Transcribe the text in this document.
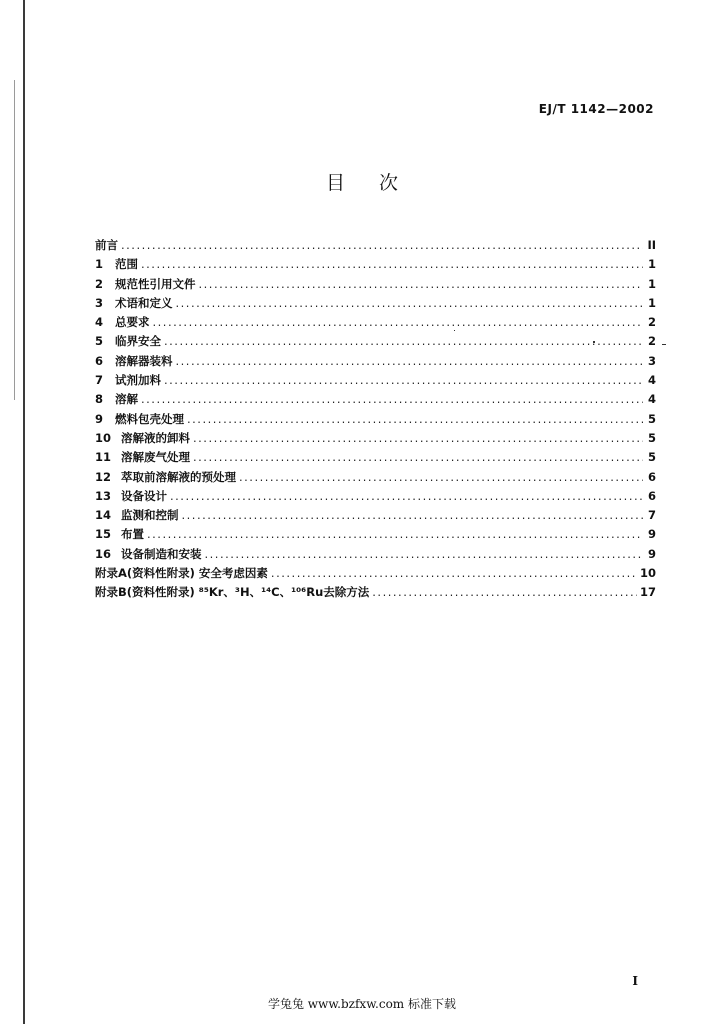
EJ/T 1142—2002
目次
前言 .....	II
1	范围 .....	1
2	规范性引用文件 .....	1
3	术语和定义 .....	1
4	总要求 .....	2
5	临界安全 .....	2
6	溶解器装料 .....	3
7	试剂加料 .....	4
8	溶解 .....	4
9	燃料包壳处理 .....	5
10 溶解液的卸料 .....	5
11 溶解废气处理 .....	5
12 萃取前溶解液的预处理 .....	6
13 设备设计 .....	6
14 监测和控制 .....	7
15 布置 .....	9
16 设备制造和安装 .....	9
附录A(资料性附录) 安全考虑因素 .....	10
附录B(资料性附录) ⁸⁵Kr、³H、¹⁴C、¹⁰⁶Ru去除方法 .....	17
I
学兔兔 www.bzfxw.com 标准下载
